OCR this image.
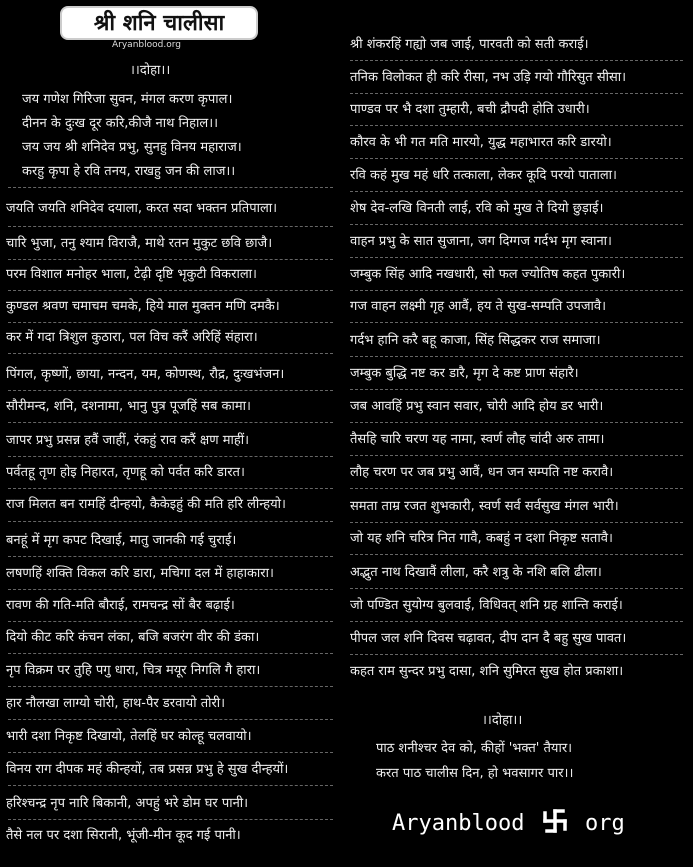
श्री शनि चालीसा
Aryanblood.org
।।दोहा।।
जय गणेश गिरिजा सुवन, मंगल करण कृपाल।
दीनन के दुःख दूर करि,कीजै नाथ निहाल।।
जय जय श्री शनिदेव प्रभु, सुनहु विनय महाराज।
करहु कृपा हे रवि तनय, राखहु जन की लाज।।
जयति जयति शनिदेव दयाला, करत सदा भक्तन प्रतिपाला।
चारि भुजा, तनु श्याम विराजै, माथे रतन मुकुट छवि छाजै।
परम विशाल मनोहर भाला, टेढ़ी दृष्टि भृकुटी विकराला।
कुण्डल श्रवण चमाचम चमके, हिये माल मुक्तन मणि दमकै।
कर में गदा त्रिशुल कुठारा, पल विच करैं अरिहिं संहारा।
पिंगल, कृष्णों, छाया, नन्दन, यम, कोणस्थ, रौद्र, दुःखभंजन।
सौरीमन्द, शनि, दशनामा, भानु पुत्र पूजहिं सब कामा।
जापर प्रभु प्रसन्न हवैं जाहीं, रंकहुं राव करैं क्षण माहीं।
पर्वतहू तृण होइ निहारत, तृणहू को पर्वत करि डारत।
राज मिलत बन रामहिं दीन्हयो, कैकेइहुं की मति हरि लीन्हयो।
बनहूं में मृग कपट दिखाई, मातु जानकी गई चुराई।
लषणहिं शक्ति विकल करि डारा, मचिगा दल में हाहाकारा।
रावण की गति-मति बौराई, रामचन्द्र सों बैर बढ़ाई।
दियो कीट करि कंचन लंका, बजि बजरंग वीर की डंका।
नृप विक्रम पर तुहि पगु धारा, चित्र मयूर निगलि गै हारा।
हार नौलखा लाग्यो चोरी, हाथ-पैर डरवायो तोरी।
भारी दशा निकृष्ट दिखायो, तेलहिं घर कोल्हू चलवायो।
विनय राग दीपक महं कीन्हयों, तब प्रसन्न प्रभु हे सुख दीन्हयों।
हरिश्चन्द्र नृप नारि बिकानी, अपहुं भरे डोम घर पानी।
तैसे नल पर दशा सिरानी, भूंजी-मीन कूद गई पानी।
श्री शंकरहिं गह्यो जब जाई, पारवती को सती कराई।
तनिक विलोकत ही करि रीसा, नभ उड़ि गयो गौरिसुत सीसा।
पाण्डव पर भै दशा तुम्हारी, बची द्रौपदी होति उधारी।
कौरव के भी गत मति मारयो, युद्ध महाभारत करि डारयो।
रवि कहं मुख महं धरि तत्काला, लेकर कूदि परयो पाताला।
शेष देव-लखि विनती लाई, रवि को मुख ते दियो छुड़ाई।
वाहन प्रभु के सात सुजाना, जग दिग्गज गर्दभ मृग स्वाना।
जम्बुक सिंह आदि नखधारी, सो फल ज्योतिष कहत पुकारी।
गज वाहन लक्ष्मी गृह आवैं, हय ते सुख-सम्पति उपजावै।
गर्दभ हानि करै बहू काजा, सिंह सिद्धकर राज समाजा।
जम्बुक बुद्धि नष्ट कर डारै, मृग दे कष्ट प्राण संहारै।
जब आवहिं प्रभु स्वान सवार, चोरी आदि होय डर भारी।
तैसहि चारि चरण यह नामा, स्वर्ण लौह चांदी अरु तामा।
लौह चरण पर जब प्रभु आवैं, धन जन सम्पति नष्ट करावै।
समता ताम्र रजत शुभकारी, स्वर्ण सर्व सर्वसुख मंगल भारी।
जो यह शनि चरित्र नित गावै, कबहुं न दशा निकृष्ट सतावै।
अद्भुत नाथ दिखावैं लीला, करै शत्रु के नशि बलि ढीला।
जो पण्डित सुयोग्य बुलवाई, विधिवत् शनि ग्रह शान्ति कराई।
पीपल जल शनि दिवस चढ़ावत, दीप दान दै बहु सुख पावत।
कहत राम सुन्दर प्रभु दासा, शनि सुमिरत सुख होत प्रकाशा।
।।दोहा।।
पाठ शनीश्चर देव को, कीहों 'भक्त' तैयार।
करत पाठ चालीस दिन, हो भवसागर पार।।
Aryanblood	org
